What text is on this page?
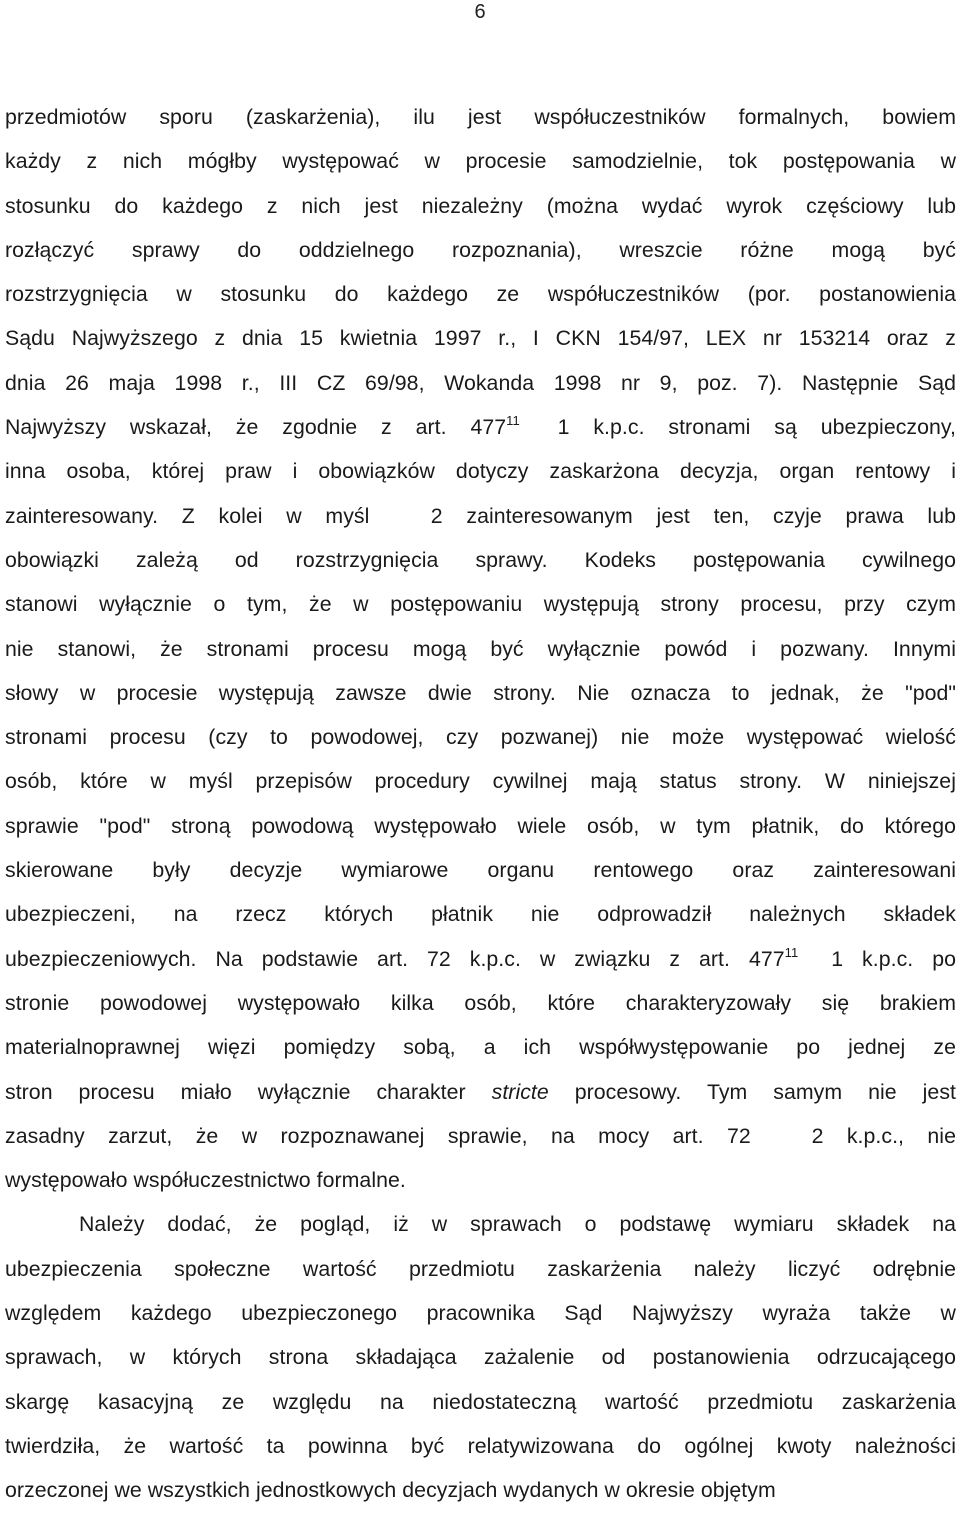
6

przedmiotów sporu (zaskarżenia), ilu jest współuczestników formalnych, bowiem
każdy z nich mógłby występować w procesie samodzielnie, tok postępowania w
stosunku do każdego z nich jest niezależny (można wydać wyrok częściowy lub
rozłączyć sprawy do oddzielnego rozpoznania), wreszcie różne mogą być
rozstrzygnięcia w stosunku do każdego ze współuczestników (por. postanowienia
Sądu Najwyższego z dnia 15 kwietnia 1997 r., I CKN 154/97, LEX nr 153214 oraz z
dnia 26 maja 1998 r., III CZ 69/98, Wokanda 1998 nr 9, poz. 7). Następnie Sąd
Najwyższy wskazał, że zgodnie z art. $477^{11}$ 1 k.p.c. stronami są ubezpieczony,
inna osoba, której praw i obowiązków dotyczy zaskarżona decyzja, organ rentowy i
zainteresowany. Z kolei w myśl  2 zainteresowanym jest ten, czyje prawa lub
obowiązki zależą od rozstrzygnięcia sprawy. Kodeks postępowania cywilnego
stanowi wyłącznie o tym, że w postępowaniu występują strony procesu, przy czym
nie stanowi, że stronami procesu mogą być wyłącznie powód i pozwany. Innymi
słowy w procesie występują zawsze dwie strony. Nie oznacza to jednak, że "pod"
stronami procesu (czy to powodowej, czy pozwanej) nie może występować wielość
osób, które w myśl przepisów procedury cywilnej mają status strony. W niniejszej
sprawie "pod" stroną powodową występowało wiele osób, w tym płatnik, do którego
skierowane były decyzje wymiarowe organu rentowego oraz zainteresowani
ubezpieczeni, na rzecz których płatnik nie odprowadził należnych składek
ubezpieczeniowych. Na podstawie art. 72 k.p.c. w związku z art. $477^{11}$ 1 k.p.c. po
stronie powodowej występowało kilka osób, które charakteryzowały się brakiem
materialnoprawnej więzi pomiędzy sobą, a ich współwystępowanie po jednej ze
stron procesu miało wyłącznie charakter stricte procesowy. Tym samym nie jest
zasadny zarzut, że w rozpoznawanej sprawie, na mocy art. 72  2 k.p.c., nie
występowało współuczestnictwo formalne.

Należy dodać, że pogląd, iż w sprawach o podstawę wymiaru składek na
ubezpieczenia społeczne wartość przedmiotu zaskarżenia należy liczyć odrębnie
względem każdego ubezpieczonego pracownika Sąd Najwyższy wyraża także w
sprawach, w których strona składająca zażalenie od postanowienia odrzucającego
skargę kasacyjną ze względu na niedostateczną wartość przedmiotu zaskarżenia
twierdziła, że wartość ta powinna być relatywizowana do ogólnej kwoty należności
orzeczonej we wszystkich jednostkowych decyzjach wydanych w okresie objętym
